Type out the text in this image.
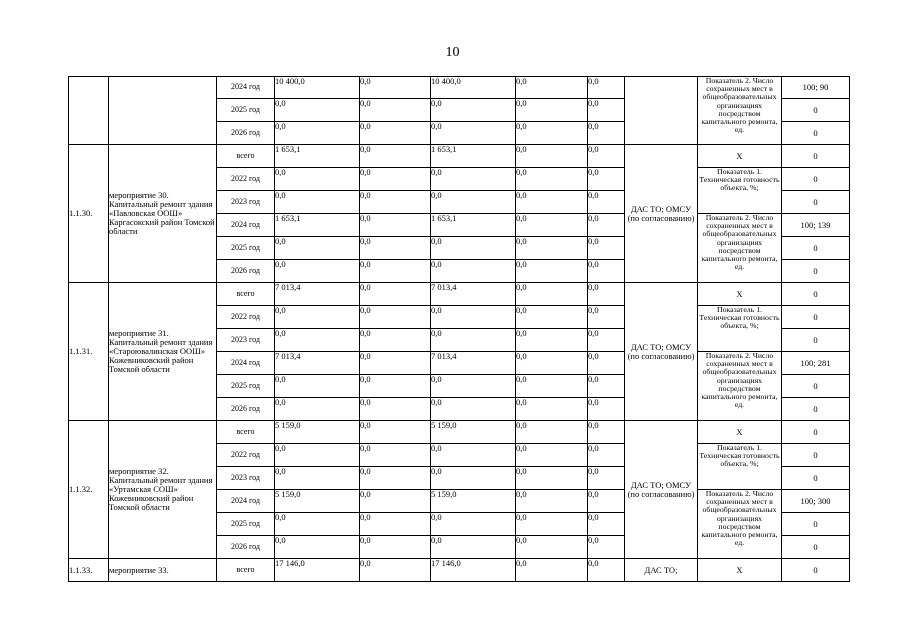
10
		2024 год	10 400,0	0,0	10 400,0	0,0	0,0		Показатель 2. Число сохраненных мест в общеобразовательных организациях посредством капитального ремонта, ед.	100; 90
		2025 год	0,0	0,0	0,0	0,0	0,0			0
		2026 год	0,0	0,0	0,0	0,0	0,0			0
1.1.30.	мероприятие 30. Капитальный ремонт здания «Павловская ООШ» Каргасокский район Томской области	всего	1 653,1	0,0	1 653,1	0,0	0,0	ДАС ТО; ОМСУ (по согласованию)	Х	0
		2022 год	0,0	0,0	0,0	0,0	0,0		Показатель 1. Техническая готовность объекта, %;	0
		2023 год	0,0	0,0	0,0	0,0	0,0			0
		2024 год	1 653,1	0,0	1 653,1	0,0	0,0		Показатель 2. Число сохраненных мест в общеобразовательных организациях посредством капитального ремонта, ед.	100; 139
		2025 год	0,0	0,0	0,0	0,0	0,0			0
		2026 год	0,0	0,0	0,0	0,0	0,0			0
1.1.31.	мероприятие 31. Капитальный ремонт здания «Староювалинская ООШ» Кожевниковский район Томской области	всего	7 013,4	0,0	7 013,4	0,0	0,0	ДАС ТО; ОМСУ (по согласованию)	Х	0
		2022 год	0,0	0,0	0,0	0,0	0,0		Показатель 1. Техническая готовность объекта, %;	0
		2023 год	0,0	0,0	0,0	0,0	0,0			0
		2024 год	7 013,4	0,0	7 013,4	0,0	0,0		Показатель 2. Число сохраненных мест в общеобразовательных организациях посредством капитального ремонта, ед.	100; 281
		2025 год	0,0	0,0	0,0	0,0	0,0			0
		2026 год	0,0	0,0	0,0	0,0	0,0			0
1.1.32.	мероприятие 32. Капитальный ремонт здания «Уртамская СОШ» Кожевниковский район Томской области	всего	5 159,0	0,0	5 159,0	0,0	0,0	ДАС ТО; ОМСУ (по согласованию)	Х	0
		2022 год	0,0	0,0	0,0	0,0	0,0		Показатель 1. Техническая готовность объекта, %;	0
		2023 год	0,0	0,0	0,0	0,0	0,0			0
		2024 год	5 159,0	0,0	5 159,0	0,0	0,0		Показатель 2. Число сохраненных мест в общеобразовательных организациях посредством капитального ремонта, ед.	100; 300
		2025 год	0,0	0,0	0,0	0,0	0,0			0
		2026 год	0,0	0,0	0,0	0,0	0,0			0
1.1.33.	мероприятие 33.	всего	17 146,0	0,0	17 146,0	0,0	0,0	ДАС ТО;	Х	0
